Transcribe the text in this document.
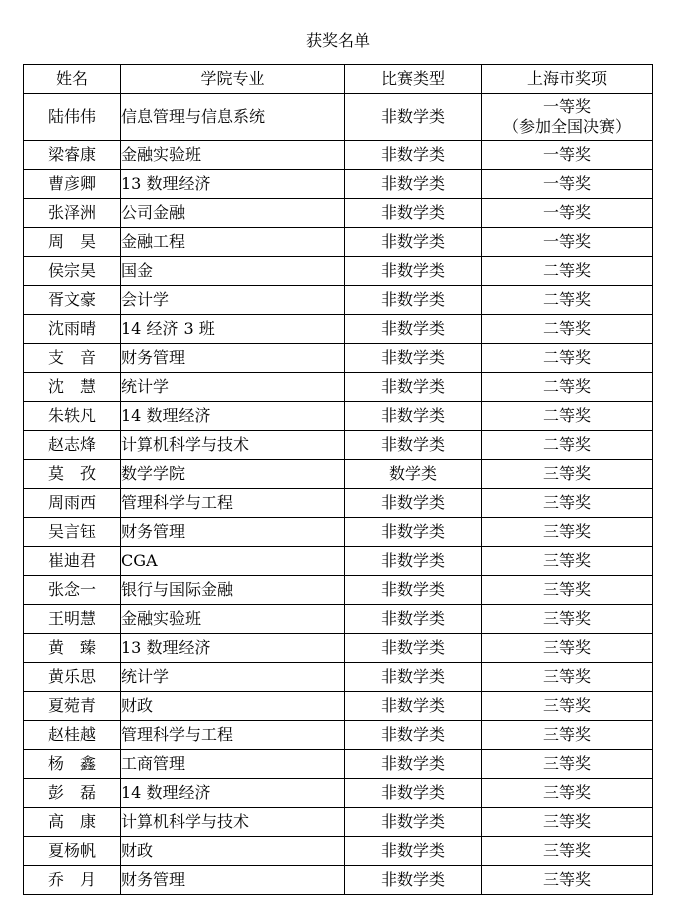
获奖名单
姓名	学院专业	比赛类型	上海市奖项
陆伟伟	信息管理与信息系统	非数学类	一等奖
（参加全国决赛）

梁睿康	金融实验班	非数学类	一等奖
曹彦卿	13 数理经济	非数学类	一等奖
张泽洲	公司金融	非数学类	一等奖
周　昊	金融工程	非数学类	一等奖
侯宗昊	国金	非数学类	二等奖
胥文豪	会计学	非数学类	二等奖
沈雨晴	14 经济 3 班	非数学类	二等奖
支　音	财务管理	非数学类	二等奖
沈　慧	统计学	非数学类	二等奖
朱轶凡	14 数理经济	非数学类	二等奖
赵志烽	计算机科学与技术	非数学类	二等奖
莫　孜	数学学院	数学类	三等奖
周雨西	管理科学与工程	非数学类	三等奖
吴言钰	财务管理	非数学类	三等奖
崔迪君	CGA	非数学类	三等奖
张念一	银行与国际金融	非数学类	三等奖
王明慧	金融实验班	非数学类	三等奖
黄　臻	13 数理经济	非数学类	三等奖
黄乐思	统计学	非数学类	三等奖
夏菀青	财政	非数学类	三等奖
赵桂越	管理科学与工程	非数学类	三等奖
杨　鑫	工商管理	非数学类	三等奖
彭　磊	14 数理经济	非数学类	三等奖
高　康	计算机科学与技术	非数学类	三等奖
夏杨帆	财政	非数学类	三等奖
乔　月	财务管理	非数学类	三等奖
